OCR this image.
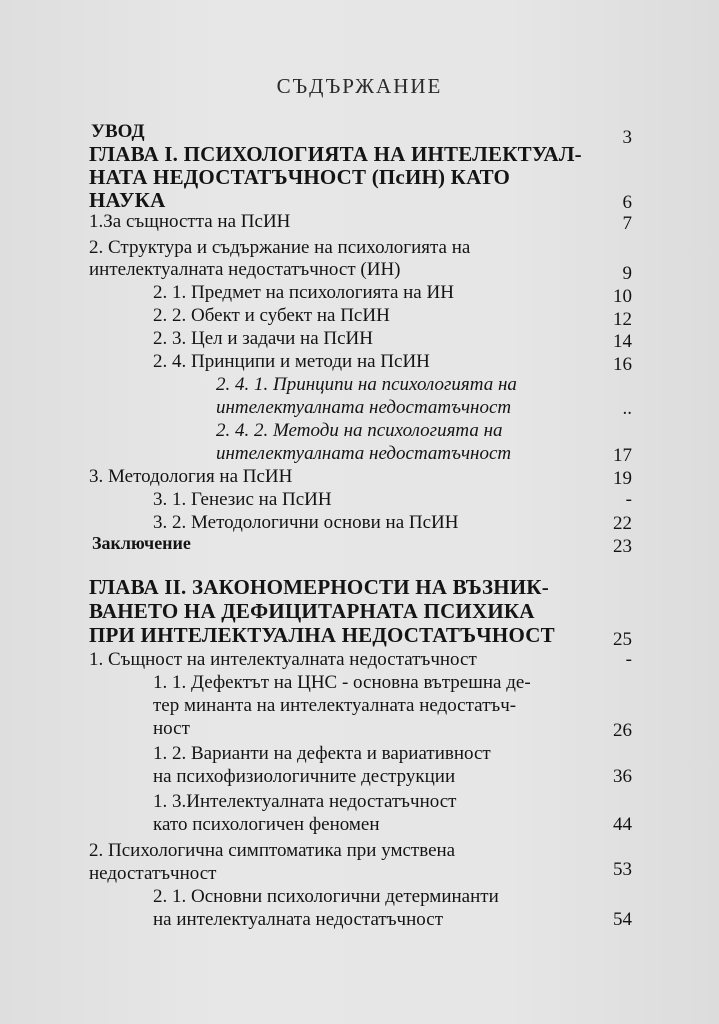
СЪДЪРЖАНИЕ
УВОД
ГЛАВА І. ПСИХОЛОГИЯТА НА ИНТЕЛЕКТУАЛ-
НАТА НЕДОСТАТЪЧНОСТ (ПсИН) КАТО
НАУКА
1.За същността на ПсИН
2. Структура и съдържание на психологията на
интелектуалната недостатъчност (ИН)
2. 1. Предмет на психологията на ИН
2. 2. Обект и субект на ПсИН
2. 3. Цел и задачи на ПсИН
2. 4. Принципи и методи на ПсИН
2. 4. 1. Принципи на психологията на
интелектуалната недостатъчност
2. 4. 2. Методи на психологията на
интелектуалната недостатъчност
3. Методология на ПсИН
3. 1. Генезис на ПсИН
3. 2. Методологични основи на ПсИН
Заключение
ГЛАВА II. ЗАКОНОМЕРНОСТИ НА ВЪЗНИК-
ВАНЕТО НА ДЕФИЦИТАРНАТА ПСИХИКА
ПРИ ИНТЕЛЕКТУАЛНА НЕДОСТАТЪЧНОСТ
1. Същност на интелектуалната недостатъчност
1. 1. Дефектът на ЦНС - основна вътрешна де-
тер минанта на интелектуалната недостатъч-
ност
1. 2. Варианти на дефекта и вариативност
на психофизиологичните деструкции
1. 3.Интелектуалната недостатъчност
като психологичен феномен
2. Психологична симптоматика при умствена
недостатъчност
2. 1. Основни психологични детерминанти
на интелектуалната недостатъчност
3
6
7
9
10
12
14
16
..
17
19
-
22
23
25
-
26
36
44
53
54
